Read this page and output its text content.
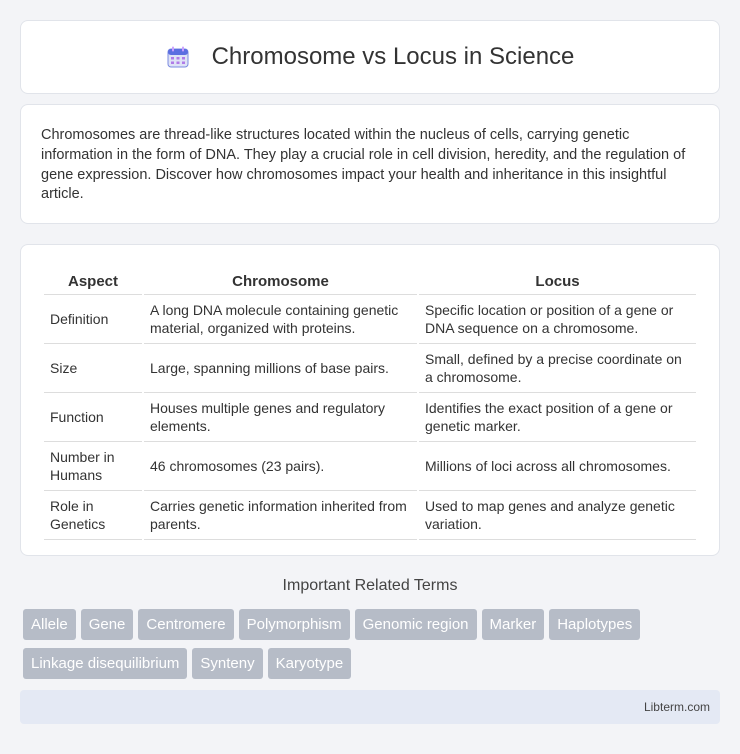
Chromosome vs Locus in Science

Chromosomes are thread-like structures located within the nucleus of cells, carrying genetic information in the form of DNA. They play a crucial role in cell division, heredity, and the regulation of gene expression. Discover how chromosomes impact your health and inheritance in this insightful article.

Aspect	Chromosome	Locus
Definition	A long DNA molecule containing genetic material, organized with proteins.	Specific location or position of a gene or DNA sequence on a chromosome.
Size	Large, spanning millions of base pairs.	Small, defined by a precise coordinate on a chromosome.
Function	Houses multiple genes and regulatory elements.	Identifies the exact position of a gene or genetic marker.
Number in Humans	46 chromosomes (23 pairs).	Millions of loci across all chromosomes.
Role in Genetics	Carries genetic information inherited from parents.	Used to map genes and analyze genetic variation.
Important Related Terms
Allele Gene Centromere Polymorphism Genomic region Marker Haplotypes
Linkage disequilibrium Synteny Karyotype
Libterm.com
